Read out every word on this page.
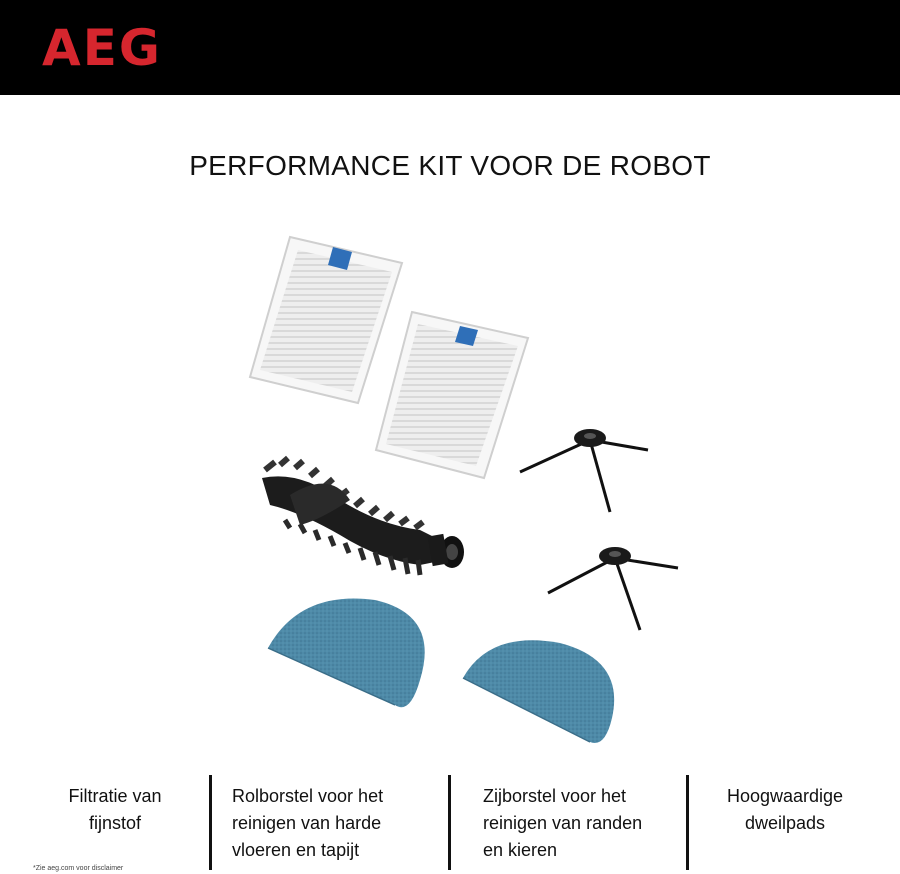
AEG
PERFORMANCE KIT VOOR DE ROBOT
Filtratie van
fijnstof
Rolborstel voor het
reinigen van harde
vloeren en tapijt
Zijborstel voor het
reinigen van randen
en kieren
Hoogwaardige
dweilpads
*Zie aeg.com voor disclaimer
